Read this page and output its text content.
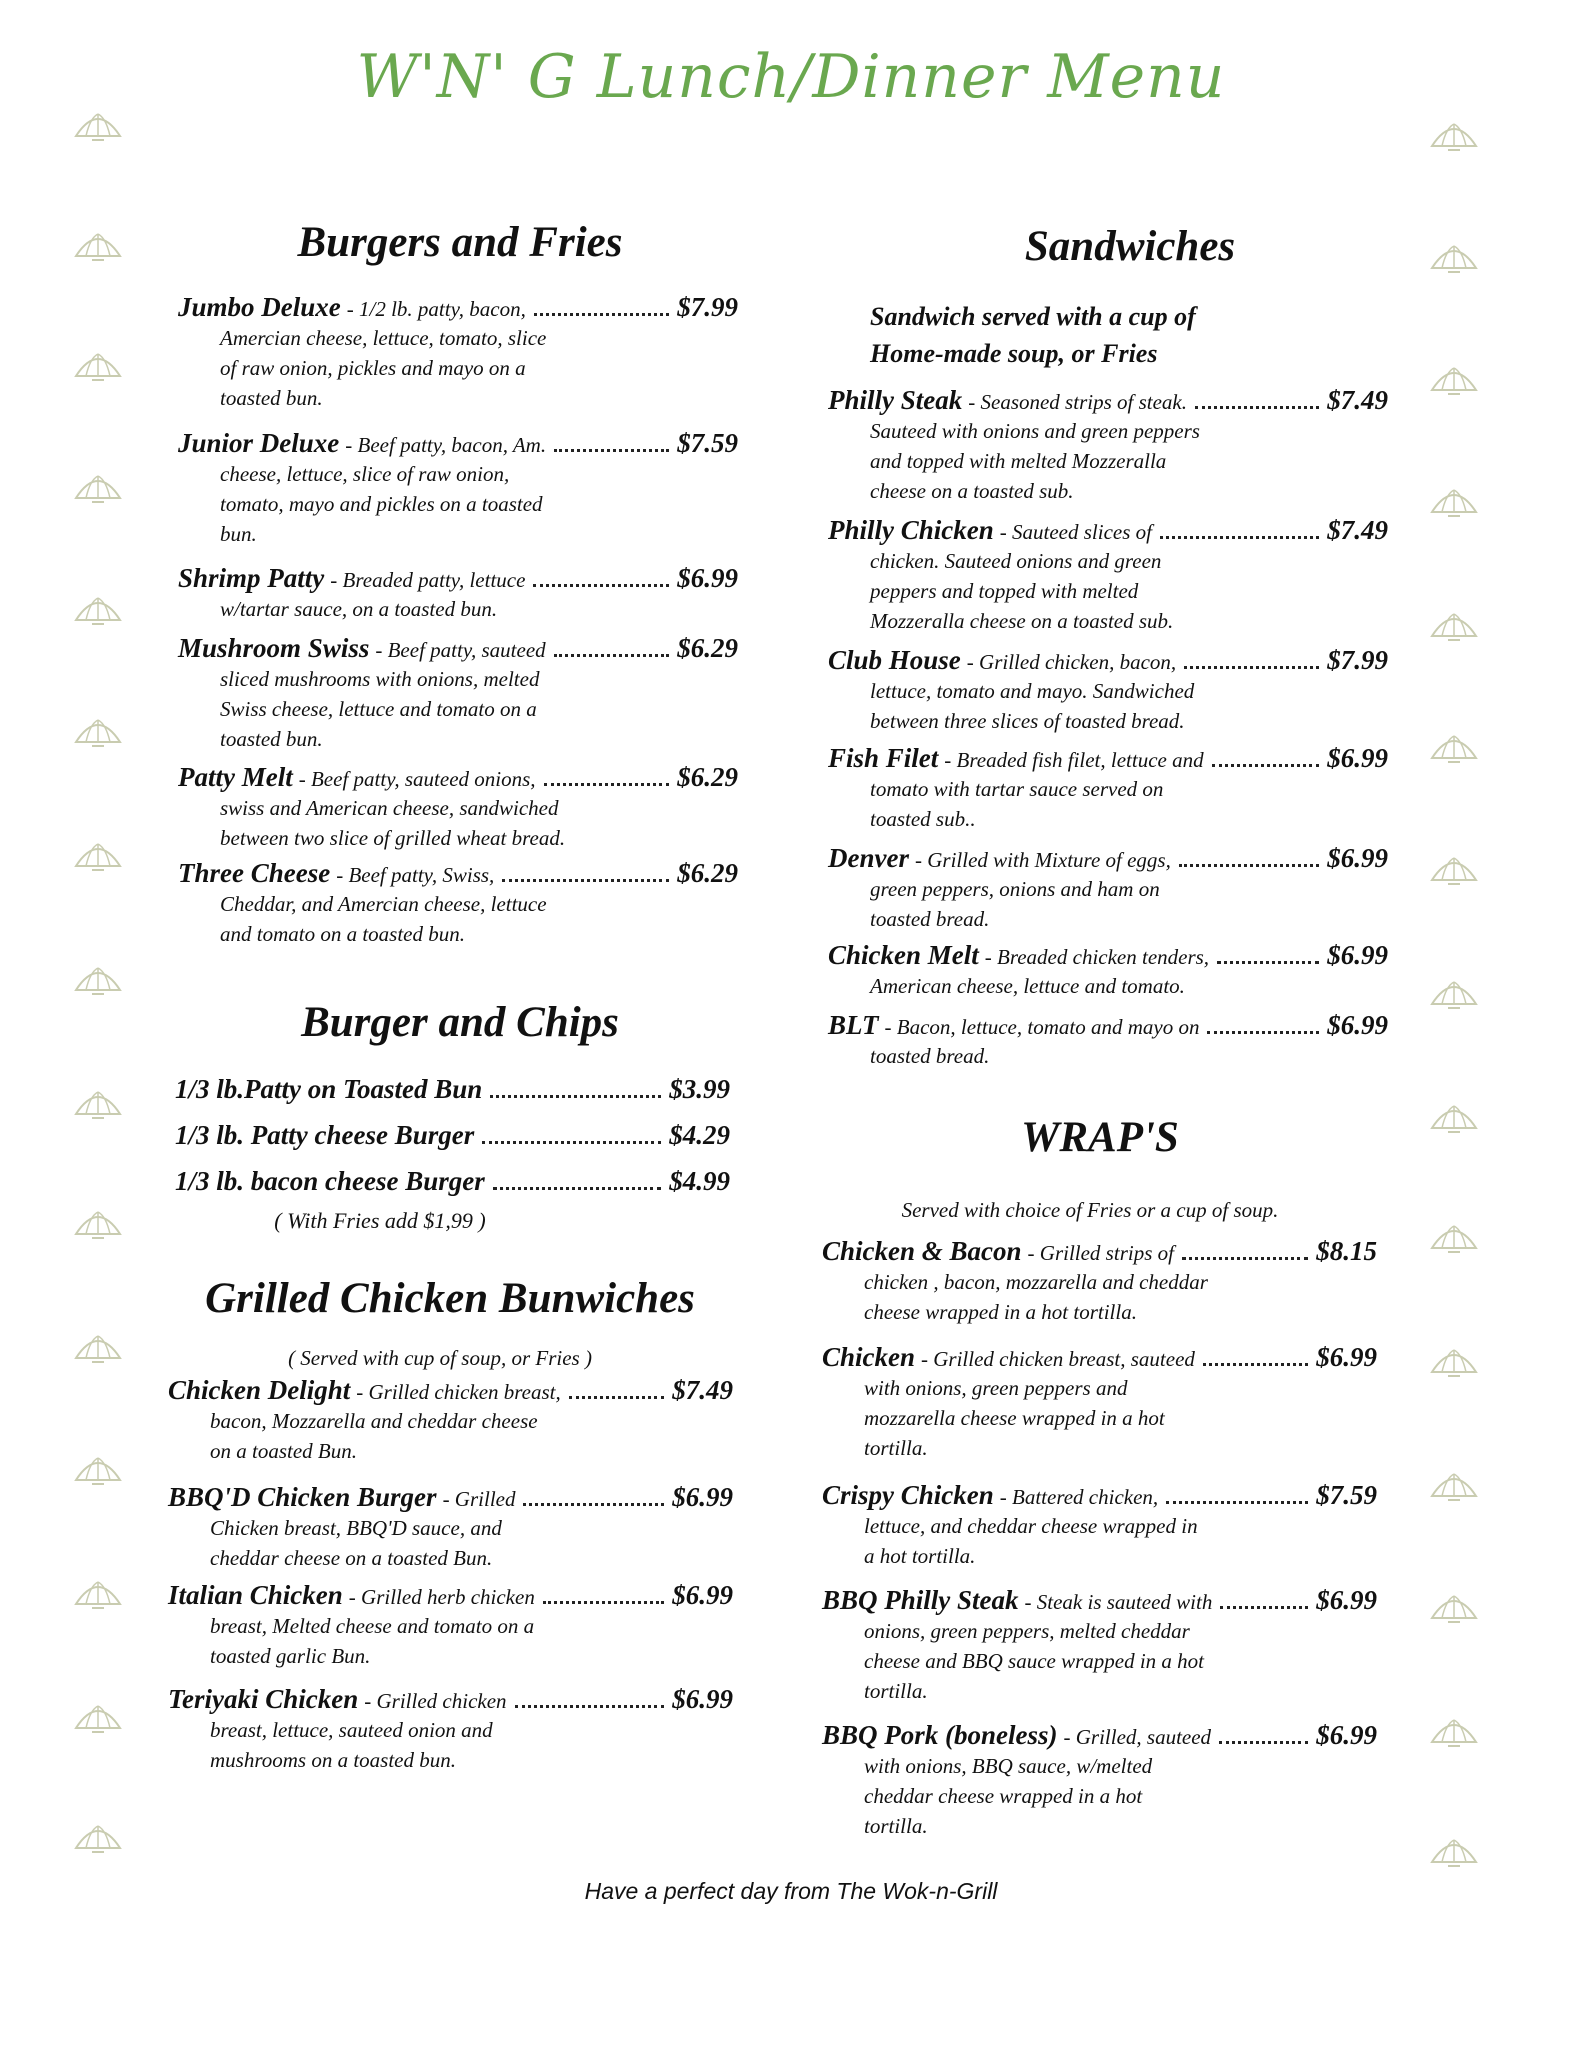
W'N' G Lunch/Dinner Menu
Burgers and Fries
Jumbo Deluxe - 1/2 lb. patty, bacon,	$7.99
Amercian cheese, lettuce, tomato, slice
of raw onion, pickles and mayo on a
toasted bun.
Junior Deluxe - Beef patty, bacon, Am.	$7.59
cheese, lettuce, slice of raw onion,
tomato, mayo and pickles on a toasted
bun.
Shrimp Patty - Breaded patty, lettuce	$6.99
w/tartar sauce, on a toasted bun.
Mushroom Swiss - Beef patty, sauteed	$6.29
sliced mushrooms with onions, melted
Swiss cheese, lettuce and tomato on a
toasted bun.
Patty Melt - Beef patty, sauteed onions,	$6.29
swiss and American cheese, sandwiched
between two slice of grilled wheat bread.
Three Cheese - Beef patty, Swiss,	$6.29
Cheddar, and Amercian cheese, lettuce
and tomato on a toasted bun.
Burger and Chips
1/3 lb.Patty on Toasted Bun	$3.99
1/3 lb. Patty cheese Burger	$4.29
1/3 lb. bacon cheese Burger	$4.99
( With Fries add $1,99 )
Grilled Chicken Bunwiches
( Served with cup of soup, or Fries )
Chicken Delight - Grilled chicken breast,	$7.49
bacon, Mozzarella and cheddar cheese
on a toasted Bun.
BBQ'D Chicken Burger - Grilled	$6.99
Chicken breast, BBQ'D sauce, and
cheddar cheese on a toasted Bun.
Italian Chicken - Grilled herb chicken	$6.99
breast, Melted cheese and tomato on a
toasted garlic Bun.
Teriyaki Chicken - Grilled chicken	$6.99
breast, lettuce, sauteed onion and
mushrooms on a toasted bun.
Sandwiches
Sandwich served with a cup of
Home-made soup, or Fries
Philly Steak - Seasoned strips of steak.	$7.49
Sauteed with onions and green peppers
and topped with melted Mozzeralla
cheese on a toasted sub.
Philly Chicken - Sauteed slices of	$7.49
chicken. Sauteed onions and green
peppers and topped with melted
Mozzeralla cheese on a toasted sub.
Club House - Grilled chicken, bacon,	$7.99
lettuce, tomato and mayo. Sandwiched
between three slices of toasted bread.
Fish Filet - Breaded fish filet, lettuce and	$6.99
tomato with tartar sauce served on
toasted sub..
Denver - Grilled with Mixture of eggs,	$6.99
green peppers, onions and ham on
toasted bread.
Chicken Melt - Breaded chicken tenders,	$6.99
American cheese, lettuce and tomato.
BLT - Bacon, lettuce, tomato and mayo on	$6.99
toasted bread.
WRAP'S
Served with choice of Fries or a cup of soup.
Chicken & Bacon - Grilled strips of	$8.15
chicken , bacon, mozzarella and cheddar
cheese wrapped in a hot tortilla.
Chicken - Grilled chicken breast, sauteed	$6.99
with onions, green peppers and
mozzarella cheese wrapped in a hot
tortilla.
Crispy Chicken - Battered chicken,	$7.59
lettuce, and cheddar cheese wrapped in
a hot tortilla.
BBQ Philly Steak - Steak is sauteed with	$6.99
onions, green peppers, melted cheddar
cheese and BBQ sauce wrapped in a hot
tortilla.
BBQ Pork (boneless) - Grilled, sauteed	$6.99
with onions, BBQ sauce, w/melted
cheddar cheese wrapped in a hot
tortilla.
Have a perfect day from The Wok-n-Grill
